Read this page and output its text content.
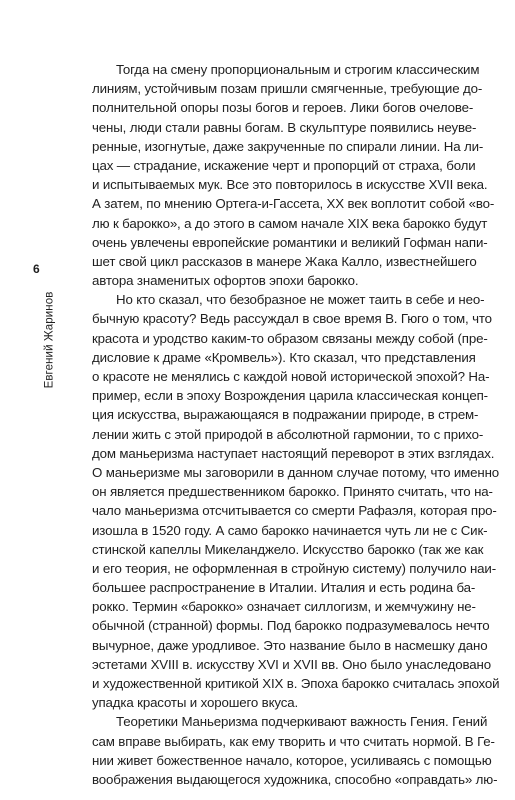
6
Евгений Жаринов
Тогда на смену пропорциональным и строгим классическим
линиям, устойчивым позам пришли смягченные, требующие до-
полнительной опоры позы богов и героев. Лики богов очелове-
чены, люди стали равны богам. В скульптуре появились неуве-
ренные, изогнутые, даже закрученные по спирали линии. На ли-
цах — страдание, искажение черт и пропорций от страха, боли
и испытываемых мук. Все это повторилось в искусстве XVII века.
А затем, по мнению Ортега-и-Гассета, XX век воплотит собой «во-
лю к барокко», а до этого в самом начале XIX века барокко будут
очень увлечены европейские романтики и великий Гофман напи-
шет свой цикл рассказов в манере Жака Калло, известнейшего
автора знаменитых офортов эпохи барокко.
Но кто сказал, что безобразное не может таить в себе и нео-
бычную красоту? Ведь рассуждал в свое время В. Гюго о том, что
красота и уродство каким-то образом связаны между собой (пре-
дисловие к драме «Кромвель»). Кто сказал, что представления
о красоте не менялись с каждой новой исторической эпохой? На-
пример, если в эпоху Возрождения царила классическая концеп-
ция искусства, выражающаяся в подражании природе, в стрем-
лении жить с этой природой в абсолютной гармонии, то с прихо-
дом маньеризма наступает настоящий переворот в этих взглядах.
О маньеризме мы заговорили в данном случае потому, что именно
он является предшественником барокко. Принято считать, что на-
чало маньеризма отсчитывается со смерти Рафаэля, которая про-
изошла в 1520 году. А само барокко начинается чуть ли не с Сик-
стинской капеллы Микеланджело. Искусство барокко (так же как
и его теория, не оформленная в стройную систему) получило наи-
большее распространение в Италии. Италия и есть родина ба-
рокко. Термин «барокко» означает силлогизм, и жемчужину не-
обычной (странной) формы. Под барокко подразумевалось нечто
вычурное, даже уродливое. Это название было в насмешку дано
эстетами XVIII в. искусству XVI и XVII вв. Оно было унаследовано
и художественной критикой XIX в. Эпоха барокко считалась эпохой
упадка красоты и хорошего вкуса.
Теоретики Маньеризма подчеркивают важность Гения. Гений
сам вправе выбирать, как ему творить и что считать нормой. В Ге-
нии живет божественное начало, которое, усиливаясь с помощью
воображения выдающегося художника, способно «оправдать» лю-
